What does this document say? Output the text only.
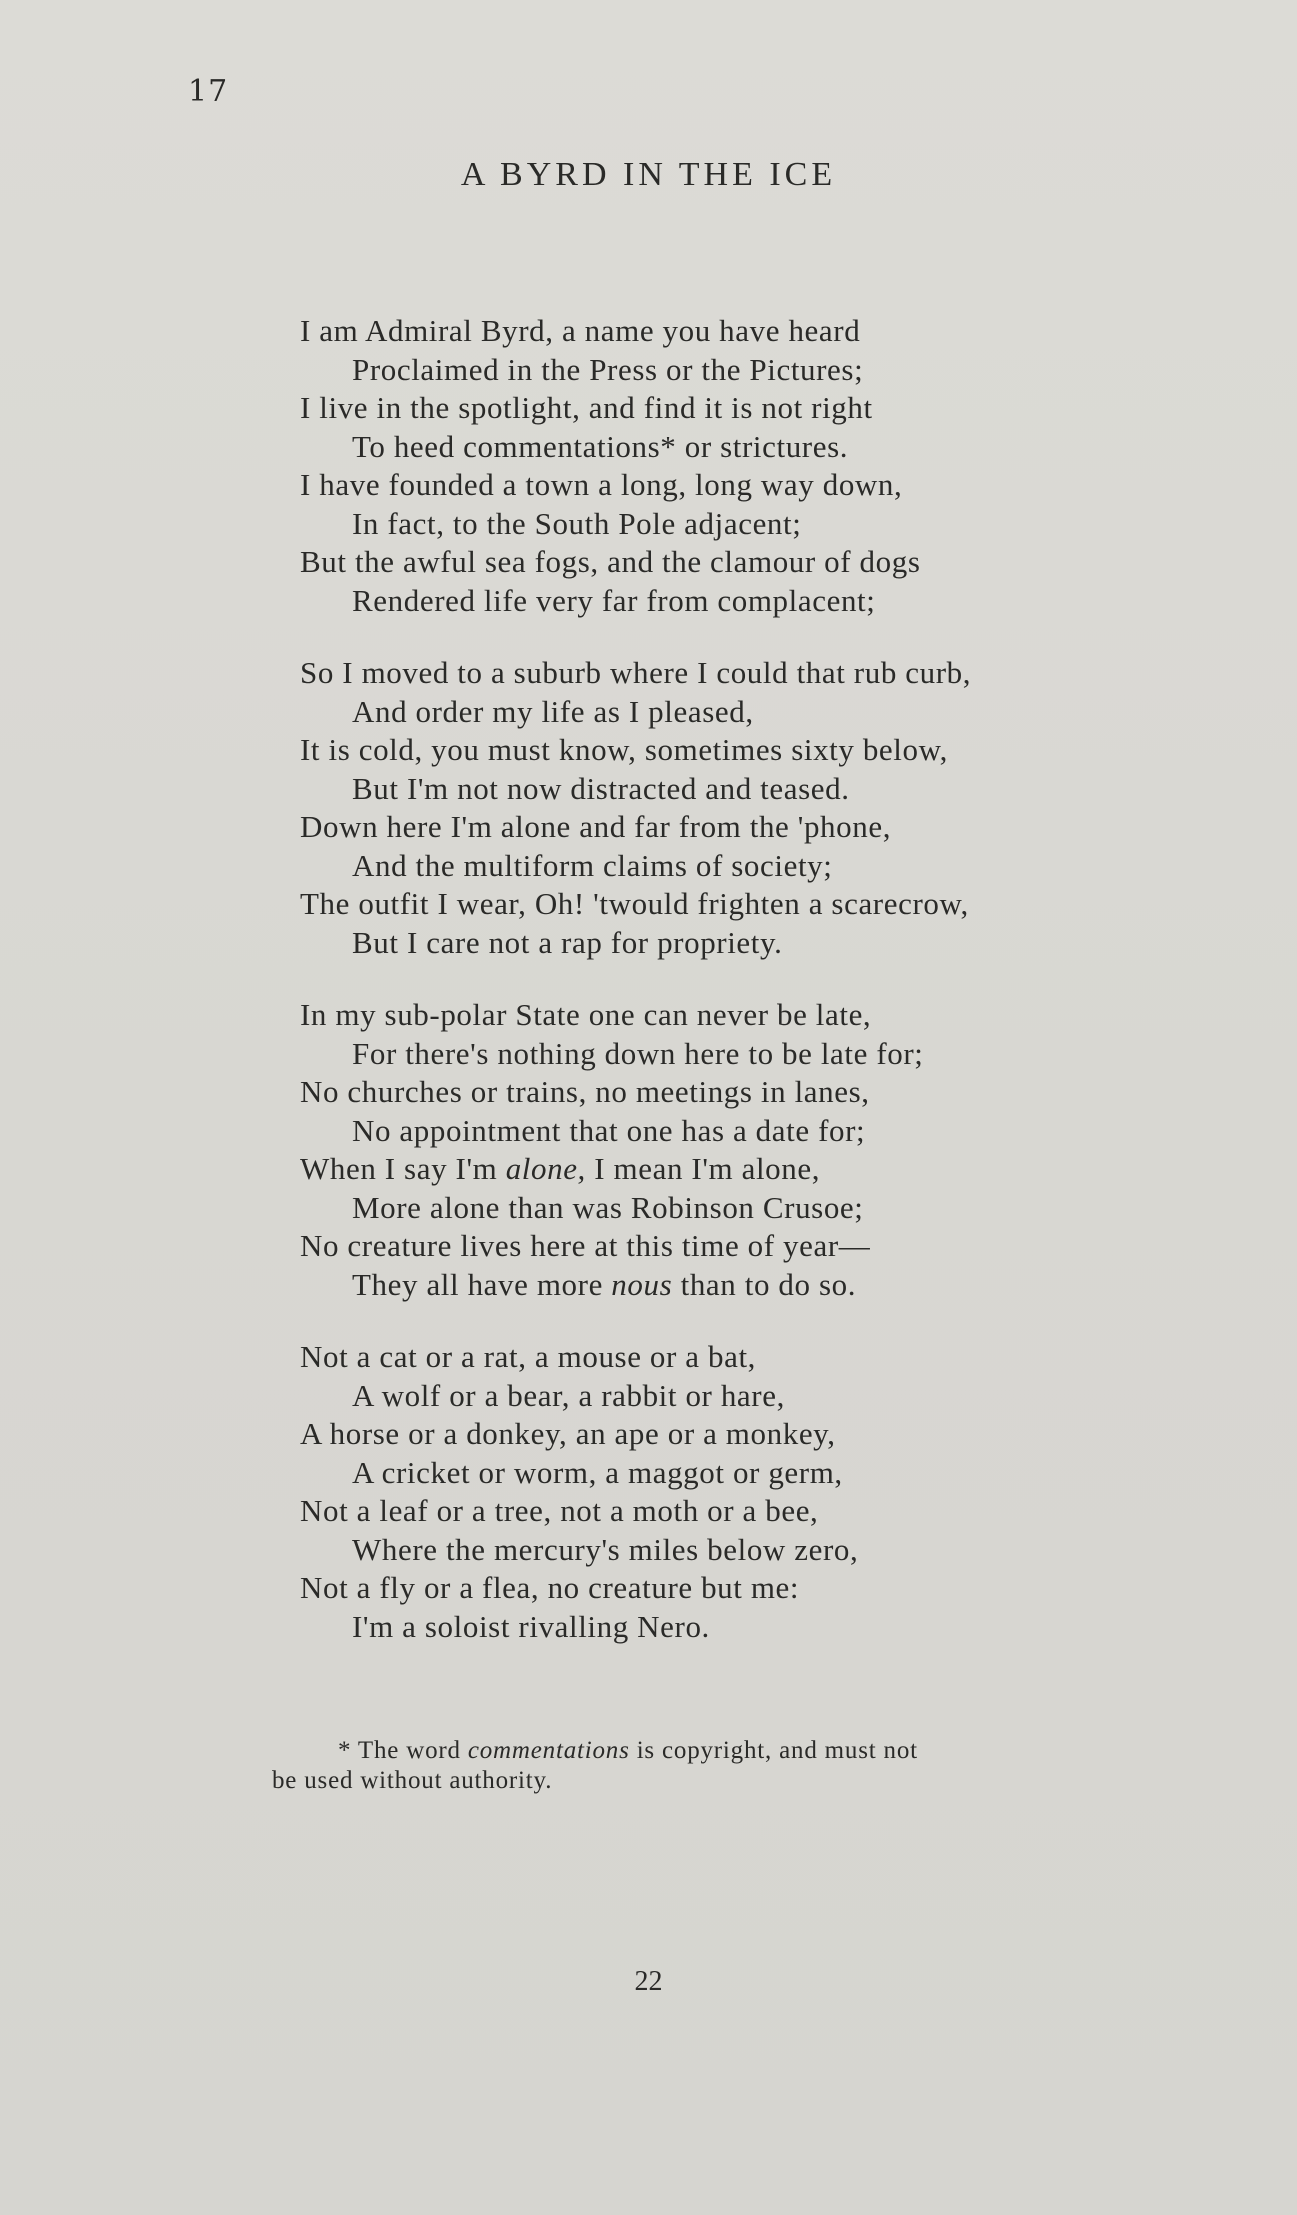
17
A BYRD IN THE ICE
I am Admiral Byrd, a name you have heard
Proclaimed in the Press or the Pictures;
I live in the spotlight, and find it is not right
To heed commentations* or strictures.
I have founded a town a long, long way down,
In fact, to the South Pole adjacent;
But the awful sea fogs, and the clamour of dogs
Rendered life very far from complacent;
So I moved to a suburb where I could that rub curb,
And order my life as I pleased,
It is cold, you must know, sometimes sixty below,
But I'm not now distracted and teased.
Down here I'm alone and far from the 'phone,
And the multiform claims of society;
The outfit I wear, Oh! 'twould frighten a scarecrow,
But I care not a rap for propriety.
In my sub-polar State one can never be late,
For there's nothing down here to be late for;
No churches or trains, no meetings in lanes,
No appointment that one has a date for;
When I say I'm alone, I mean I'm alone,
More alone than was Robinson Crusoe;
No creature lives here at this time of year—
They all have more nous than to do so.
Not a cat or a rat, a mouse or a bat,
A wolf or a bear, a rabbit or hare,
A horse or a donkey, an ape or a monkey,
A cricket or worm, a maggot or germ,
Not a leaf or a tree, not a moth or a bee,
Where the mercury's miles below zero,
Not a fly or a flea, no creature but me:
I'm a soloist rivalling Nero.
* The word commentations is copyright, and must not
be used without authority.
22
